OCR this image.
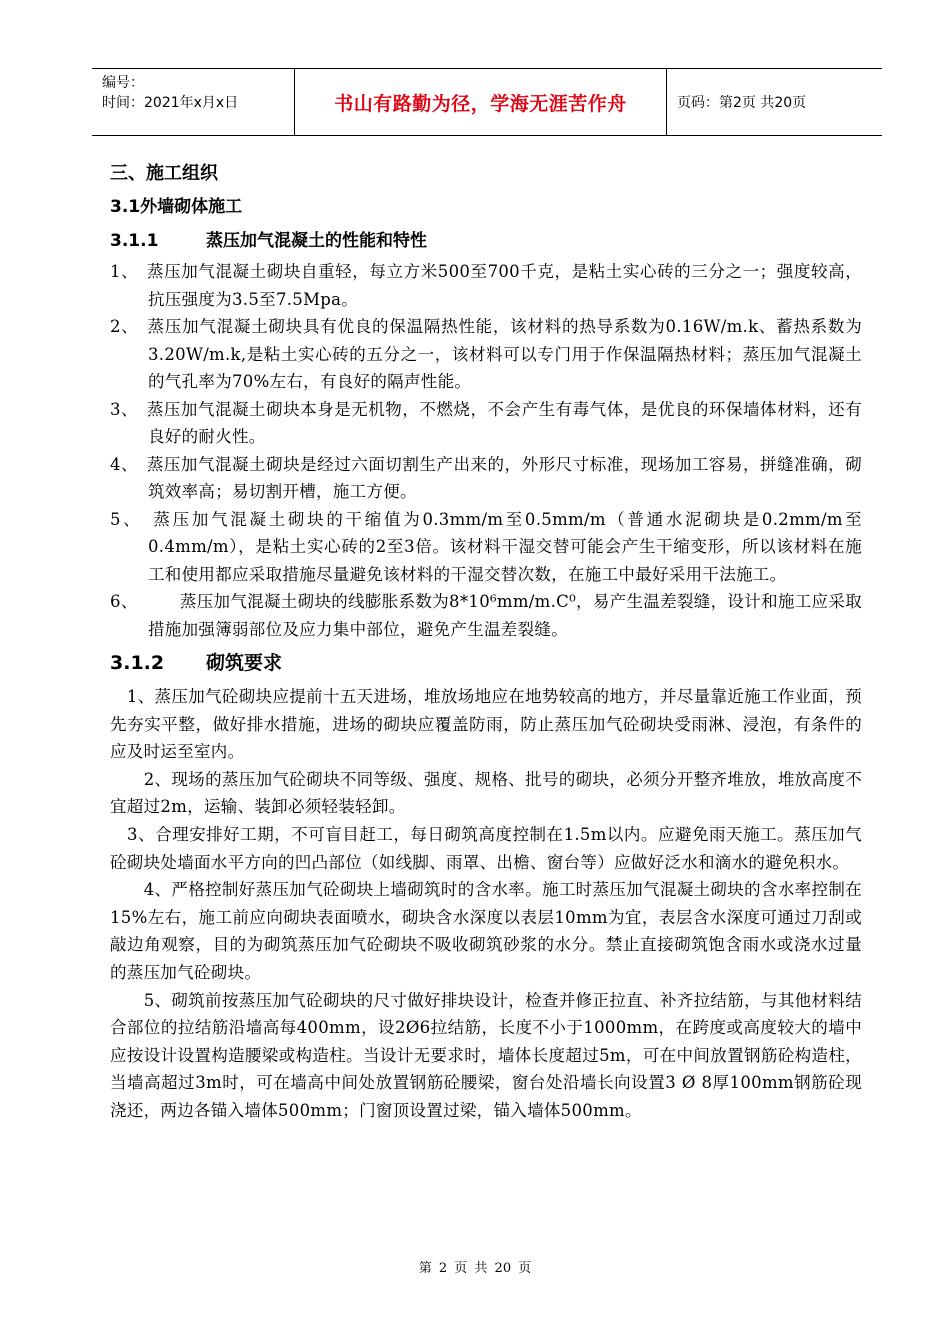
编号：
时间：2021年x月x日	书山有路勤为径，学海无涯苦作舟	页码：第2页 共20页

三、施工组织

3.1外墙砌体施工

3.1.1	蒸压加气混凝土的性能和特性

1、　蒸压加气混凝土砌块自重轻，每立方米500至700千克，是粘土实心砖的三分之一；强度较高，抗压强度为3.5至7.5Mpa。

2、　蒸压加气混凝土砌块具有优良的保温隔热性能，该材料的热导系数为0.16W/m.k、蓄热系数为3.20W/m.k,是粘土实心砖的五分之一，该材料可以专门用于作保温隔热材料；蒸压加气混凝土的气孔率为70%左右，有良好的隔声性能。

3、　蒸压加气混凝土砌块本身是无机物，不燃烧，不会产生有毒气体，是优良的环保墙体材料，还有良好的耐火性。

4、　蒸压加气混凝土砌块是经过六面切割生产出来的，外形尺寸标准，现场加工容易，拼缝准确，砌筑效率高；易切割开槽，施工方便。

5、　蒸压加气混凝土砌块的干缩值为0.3mm/m至0.5mm/m（普通水泥砌块是0.2mm/m至0.4mm/m），是粘土实心砖的2至3倍。该材料干湿交替可能会产生干缩变形，所以该材料在施工和使用都应采取措施尽量避免该材料的干湿交替次数，在施工中最好采用干法施工。

6、　　　蒸压加气混凝土砌块的线膨胀系数为8*10⁶mm/m.C⁰，易产生温差裂缝，设计和施工应采取措施加强簿弱部位及应力集中部位，避免产生温差裂缝。

3.1.2 砌筑要求

　1、蒸压加气砼砌块应提前十五天进场，堆放场地应在地势较高的地方，并尽量靠近施工作业面，预先夯实平整，做好排水措施，进场的砌块应覆盖防雨，防止蒸压加气砼砌块受雨淋、浸泡，有条件的应及时运至室内。

　　2、现场的蒸压加气砼砌块不同等级、强度、规格、批号的砌块，必须分开整齐堆放，堆放高度不宜超过2m，运输、装卸必须轻装轻卸。

　3、合理安排好工期，不可盲目赶工，每日砌筑高度控制在1.5m以内。应避免雨天施工。蒸压加气砼砌块处墙面水平方向的凹凸部位（如线脚、雨罩、出檐、窗台等）应做好泛水和滴水的避免积水。

　　4、严格控制好蒸压加气砼砌块上墙砌筑时的含水率。施工时蒸压加气混凝土砌块的含水率控制在15%左右，施工前应向砌块表面喷水，砌块含水深度以表层10mm为宜，表层含水深度可通过刀刮或敲边角观察，目的为砌筑蒸压加气砼砌块不吸收砌筑砂浆的水分。禁止直接砌筑饱含雨水或浇水过量的蒸压加气砼砌块。

　　5、砌筑前按蒸压加气砼砌块的尺寸做好排块设计，检查并修正拉直、补齐拉结筋，与其他材料结合部位的拉结筋沿墙高每400mm，设2Ø6拉结筋，长度不小于1000mm，在跨度或高度较大的墙中应按设计设置构造腰梁或构造柱。当设计无要求时，墙体长度超过5m，可在中间放置钢筋砼构造柱，当墙高超过3m时，可在墙高中间处放置钢筋砼腰梁，窗台处沿墙长向设置3 Ø 8厚100mm钢筋砼现浇还，两边各锚入墙体500mm；门窗顶设置过梁，锚入墙体500mm。

第 2 页 共 20 页
